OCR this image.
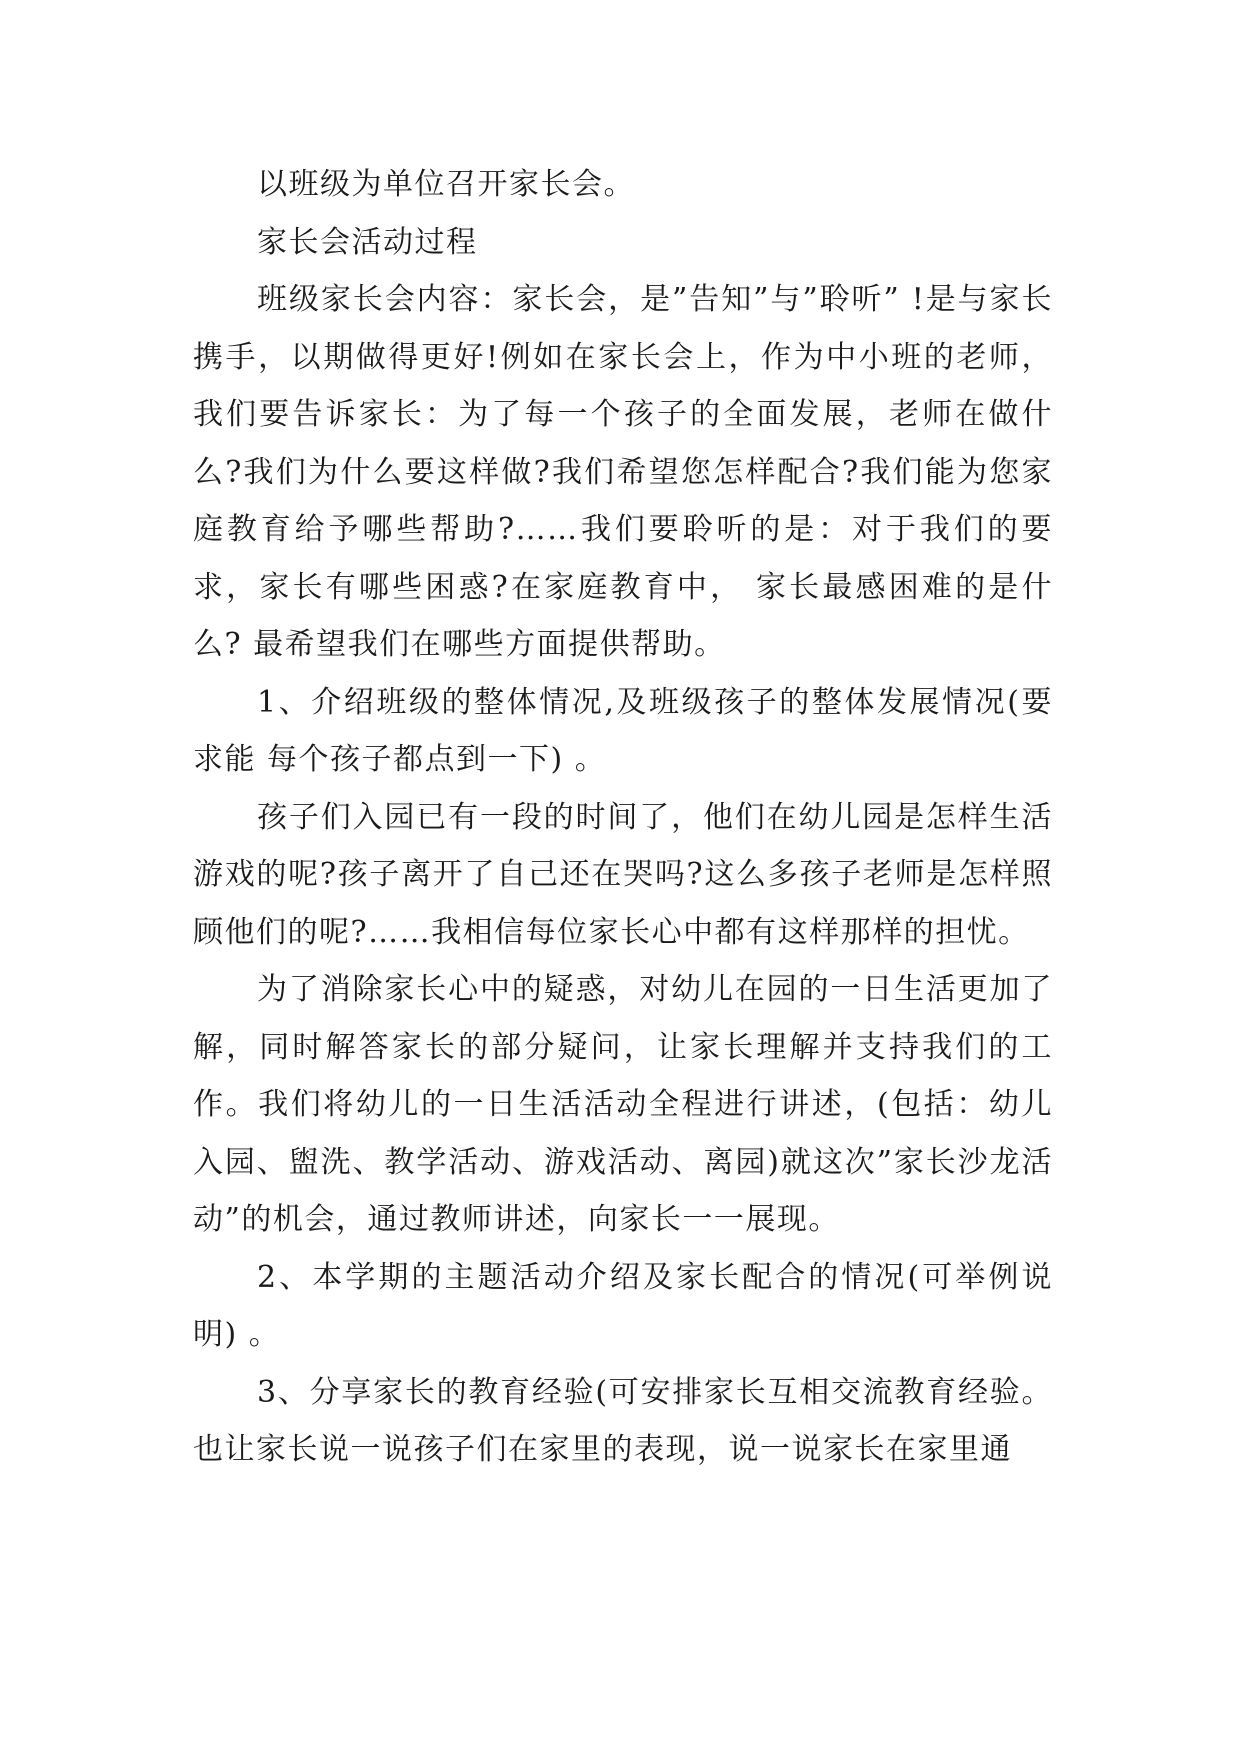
以班级为单位召开家长会。

家长会活动过程

班级家长会内容：家长会，是”告知”与”聆听” !是与家长携手，以期做得更好!例如在家长会上，作为中小班的老师，我们要告诉家长：为了每一个孩子的全面发展，老师在做什么?我们为什么要这样做?我们希望您怎样配合?我们能为您家庭教育给予哪些帮助?……我们要聆听的是：对于我们的要求，家长有哪些困惑?在家庭教育中， 家长最感困难的是什么? 最希望我们在哪些方面提供帮助。

1、介绍班级的整体情况,及班级孩子的整体发展情况(要求能 每个孩子都点到一下) 。

孩子们入园已有一段的时间了，他们在幼儿园是怎样生活游戏的呢?孩子离开了自己还在哭吗?这么多孩子老师是怎样照顾他们的呢?……我相信每位家长心中都有这样那样的担忧。

为了消除家长心中的疑惑，对幼儿在园的一日生活更加了解，同时解答家长的部分疑问，让家长理解并支持我们的工作。我们将幼儿的一日生活活动全程进行讲述，(包括：幼儿入园、盥洗、教学活动、游戏活动、离园)就这次”家长沙龙活动”的机会，通过教师讲述，向家长一一展现。

2、本学期的主题活动介绍及家长配合的情况(可举例说明) 。

3、分享家长的教育经验(可安排家长互相交流教育经验。也让家长说一说孩子们在家里的表现，说一说家长在家里通
